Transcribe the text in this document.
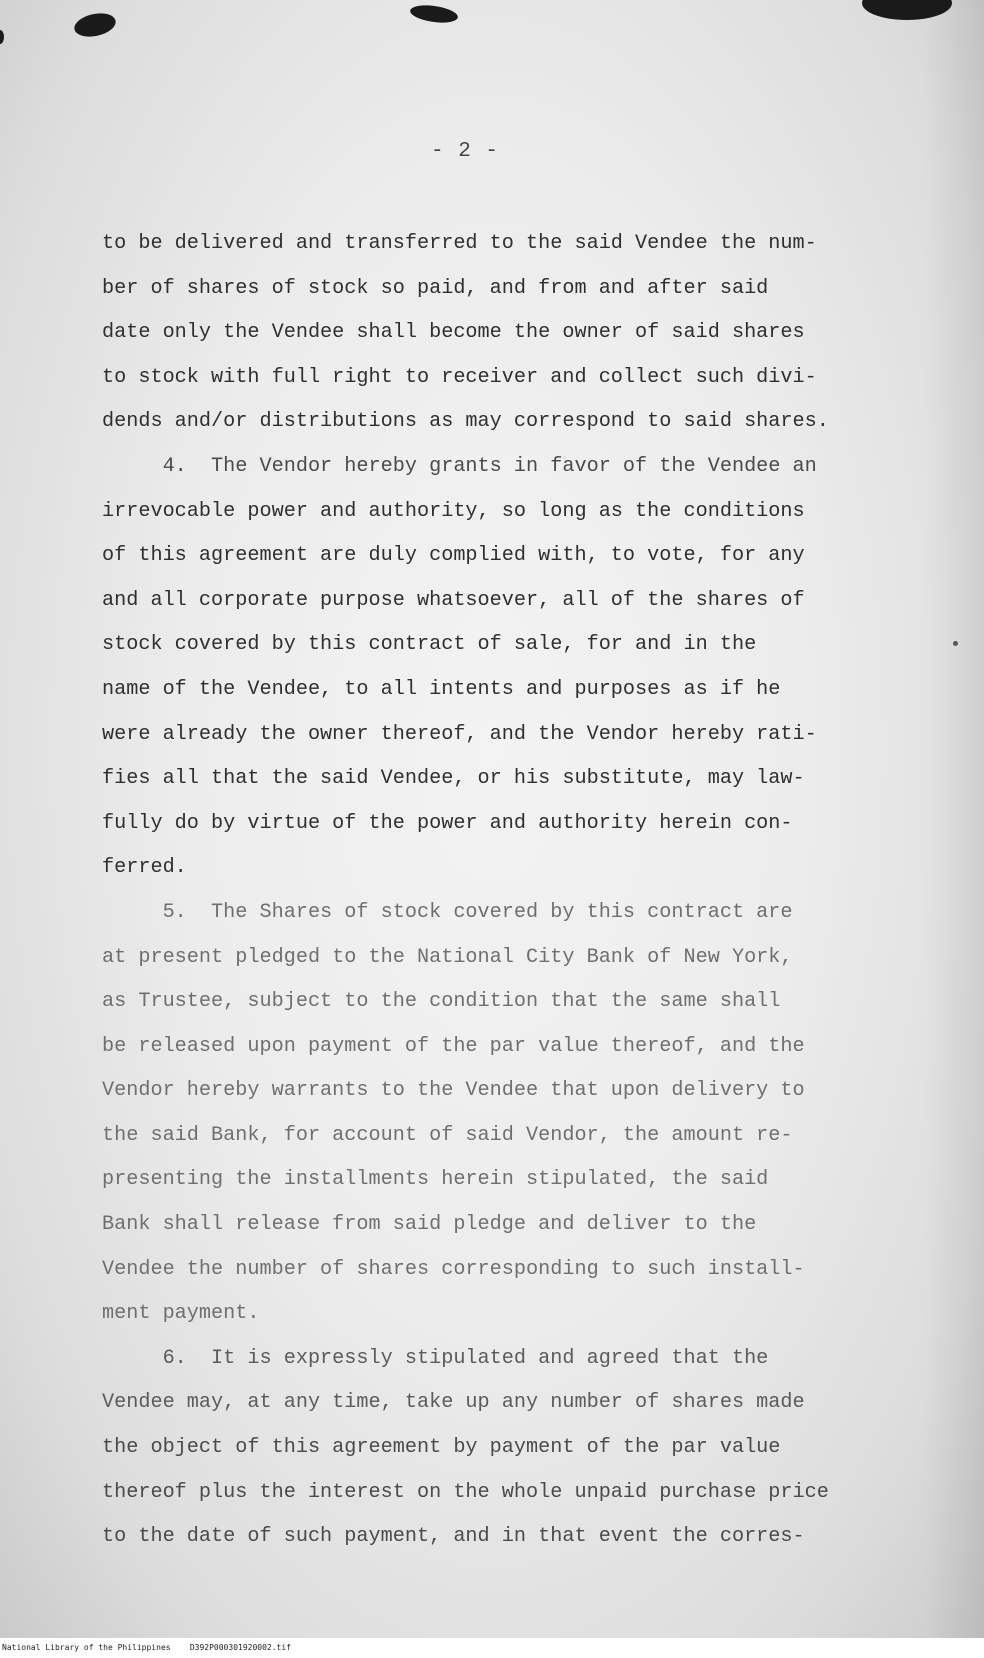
- 2 -
to be delivered and transferred to the said Vendee the num-
ber of shares of stock so paid, and from and after said
date only the Vendee shall become the owner of said shares
to stock with full right to receiver and collect such divi-
dends and/or distributions as may correspond to said shares.
4.  The Vendor hereby grants in favor of the Vendee an
irrevocable power and authority, so long as the conditions
of this agreement are duly complied with, to vote, for any
and all corporate purpose whatsoever, all of the shares of
stock covered by this contract of sale, for and in the
name of the Vendee, to all intents and purposes as if he
were already the owner thereof, and the Vendor hereby rati-
fies all that the said Vendee, or his substitute, may law-
fully do by virtue of the power and authority herein con-
ferred.
5.  The Shares of stock covered by this contract are
at present pledged to the National City Bank of New York,
as Trustee, subject to the condition that the same shall
be released upon payment of the par value thereof, and the
Vendor hereby warrants to the Vendee that upon delivery to
the said Bank, for account of said Vendor, the amount re-
presenting the installments herein stipulated, the said
Bank shall release from said pledge and deliver to the
Vendee the number of shares corresponding to such install-
ment payment.
6.  It is expressly stipulated and agreed that the
Vendee may, at any time, take up any number of shares made
the object of this agreement by payment of the par value
thereof plus the interest on the whole unpaid purchase price
to the date of such payment, and in that event the corres-
National Library of the Philippines    D392P000301920002.tif
